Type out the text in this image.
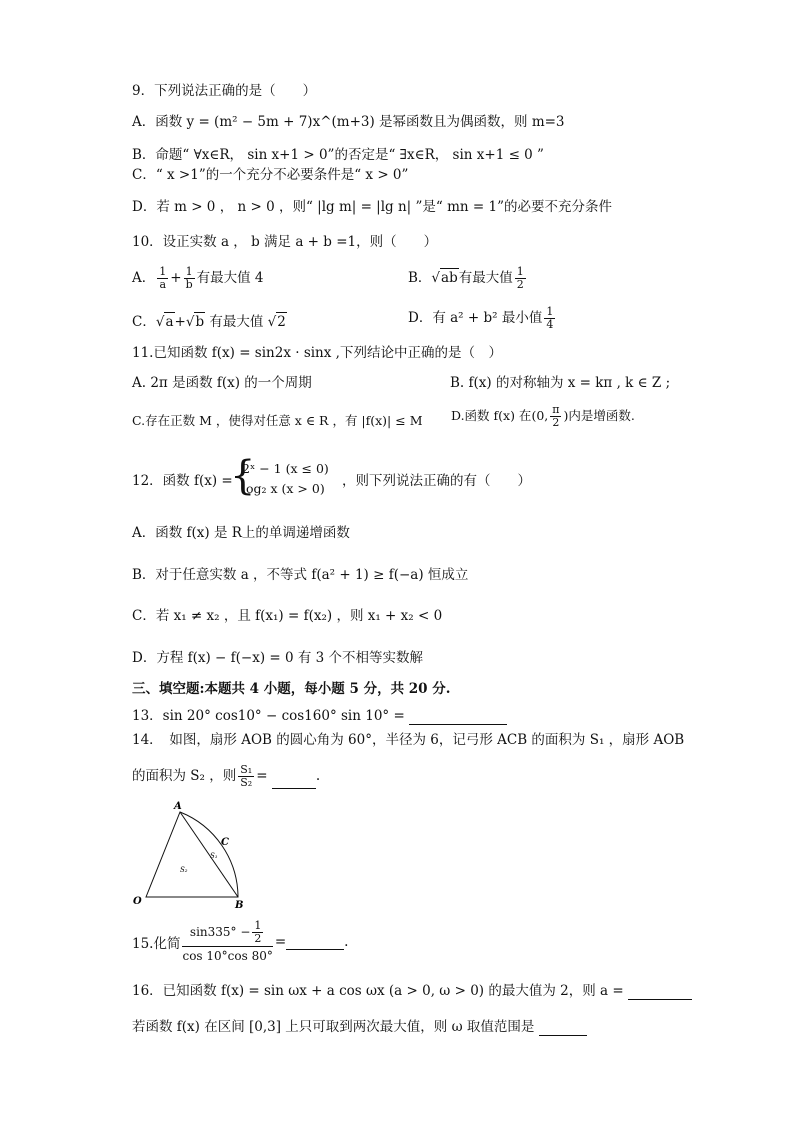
9．下列说法正确的是（　　）
A．函数 y = (m² − 5m + 7)x^(m+3) 是幂函数且为偶函数，则 m=3
B．命题“ ∀x∈R， sin x+1 > 0”的否定是“ ∃x∈R， sin x+1 ≤ 0 ”
C．“ x >1”的一个充分不必要条件是“ x > 0”
D．若 m > 0 ， n > 0 ，则“ |lg m| = |lg n| ”是“ mn = 1”的必要不充分条件
10．设正实数 a ， b 满足 a + b =1，则（　　）
A． $\frac{1}{a} + \frac{1}{b}$ 有最大值 4	B．√ab有最大值 $\frac{1}{2}$
C．√a+√b 有最大值 √2	D．有 a² + b² 最小值 $\frac{1}{4}$
11.已知函数 f(x) = sin2x · sinx ,下列结论中正确的是（　）
A. 2π 是函数 f(x) 的一个周期	B. f(x) 的对称轴为 x = kπ , k ∈ Z ;
C.存在正数 M ，使得对任意 x ∈ R ，有 |f(x)| ≤ M D.函数 f(x) 在(0, $\frac{\pi}{2}$ )内是增函数.
12．函数 f(x) =
{
2ˣ − 1 (x ≤ 0)
log₂ x (x > 0) ，则下列说法正确的有（　　）
A．函数 f(x) 是 R上的单调递增函数
B．对于任意实数 a ，不等式 f(a² + 1) ≥ f(−a) 恒成立
C．若 x₁ ≠ x₂ ，且 f(x₁) = f(x₂) ，则 x₁ + x₂ < 0
D．方程 f(x) − f(−x) = 0 有 3 个不相等实数解
三、填空题:本题共 4 小题，每小题 5 分，共 20 分.
13．sin 20° cos10° − cos160° sin 10° =
14．　如图，扇形 AOB 的圆心角为 60°，半径为 6，记弓形 ACB 的面积为 S₁ ，扇形 AOB
的面积为 S₂ ，则 $\frac{\text{S₁}}{\text{S₂}}$ =	.
A
C
O	B
S₁
S₂
15.化简	
$\sin 335^\circ - \frac{1}{2}$
cos 10°cos 80°
	=	.
16．已知函数 f(x) = sin ωx + a cos ωx (a > 0, ω > 0) 的最大值为 2，则 a =
若函数 f(x) 在区间 [0,3] 上只可取到两次最大值，则 ω 取值范围是
